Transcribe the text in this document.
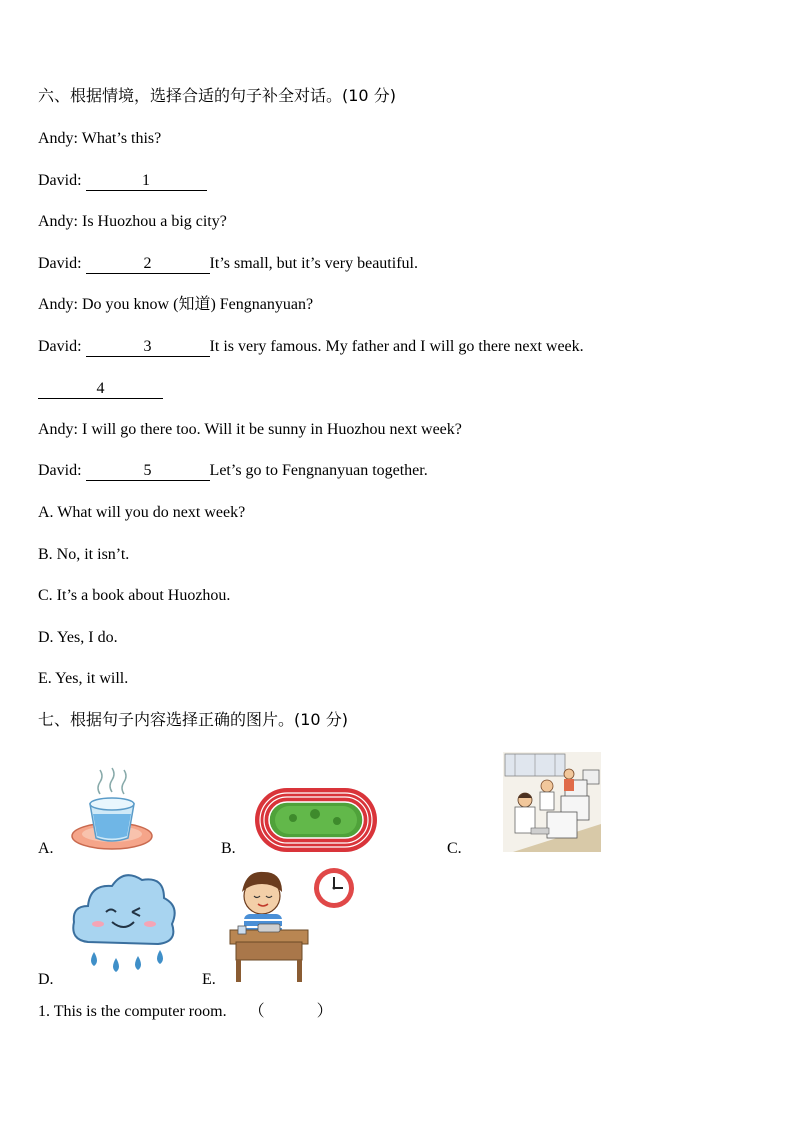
六、根据情境，选择合适的句子补全对话。(10 分)
Andy: What’s this?
David:	1
Andy: Is Huozhou a big city?
David:	2	It’s small, but it’s very beautiful.
Andy: Do you know (知道) Fengnanyuan?
David:	3	It is very famous. My father and I will go there next week.
4
Andy: I will go there too. Will it be sunny in Huozhou next week?
David:	5	Let’s go to Fengnanyuan together.
A. What will you do next week?
B. No, it isn’t.
C. It’s a book about Huozhou.
D. Yes, I do.
E. Yes, it will.
七、根据句子内容选择正确的图片。(10 分)
A.	B.	C.
D.	E.
1. This is the computer room. （	）
